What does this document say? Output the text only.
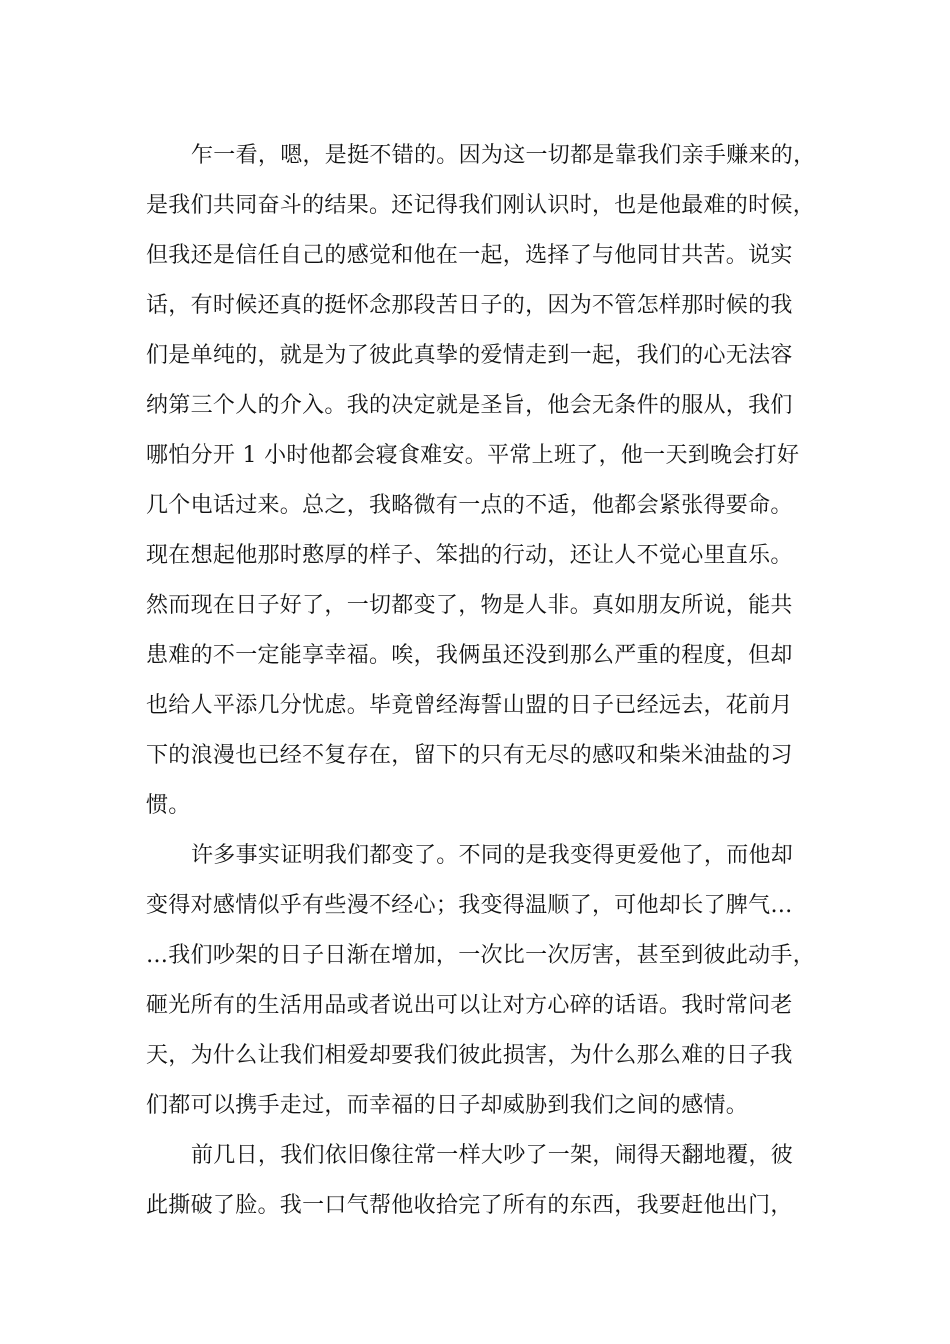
乍一看，嗯，是挺不错的。因为这一切都是靠我们亲手赚来的，
是我们共同奋斗的结果。还记得我们刚认识时，也是他最难的时候，
但我还是信任自己的感觉和他在一起，选择了与他同甘共苦。说实
话，有时候还真的挺怀念那段苦日子的，因为不管怎样那时候的我
们是单纯的，就是为了彼此真挚的爱情走到一起，我们的心无法容
纳第三个人的介入。我的决定就是圣旨，他会无条件的服从，我们
哪怕分开 1 小时他都会寝食难安。平常上班了，他一天到晚会打好
几个电话过来。总之，我略微有一点的不适，他都会紧张得要命。
现在想起他那时憨厚的样子、笨拙的行动，还让人不觉心里直乐。
然而现在日子好了，一切都变了，物是人非。真如朋友所说，能共
患难的不一定能享幸福。唉，我俩虽还没到那么严重的程度，但却
也给人平添几分忧虑。毕竟曾经海誓山盟的日子已经远去，花前月
下的浪漫也已经不复存在，留下的只有无尽的感叹和柴米油盐的习
惯。
许多事实证明我们都变了。不同的是我变得更爱他了，而他却
变得对感情似乎有些漫不经心；我变得温顺了，可他却长了脾气…
…我们吵架的日子日渐在增加，一次比一次厉害，甚至到彼此动手，
砸光所有的生活用品或者说出可以让对方心碎的话语。我时常问老
天，为什么让我们相爱却要我们彼此损害，为什么那么难的日子我
们都可以携手走过，而幸福的日子却威胁到我们之间的感情。
前几日，我们依旧像往常一样大吵了一架，闹得天翻地覆，彼
此撕破了脸。我一口气帮他收拾完了所有的东西，我要赶他出门，
